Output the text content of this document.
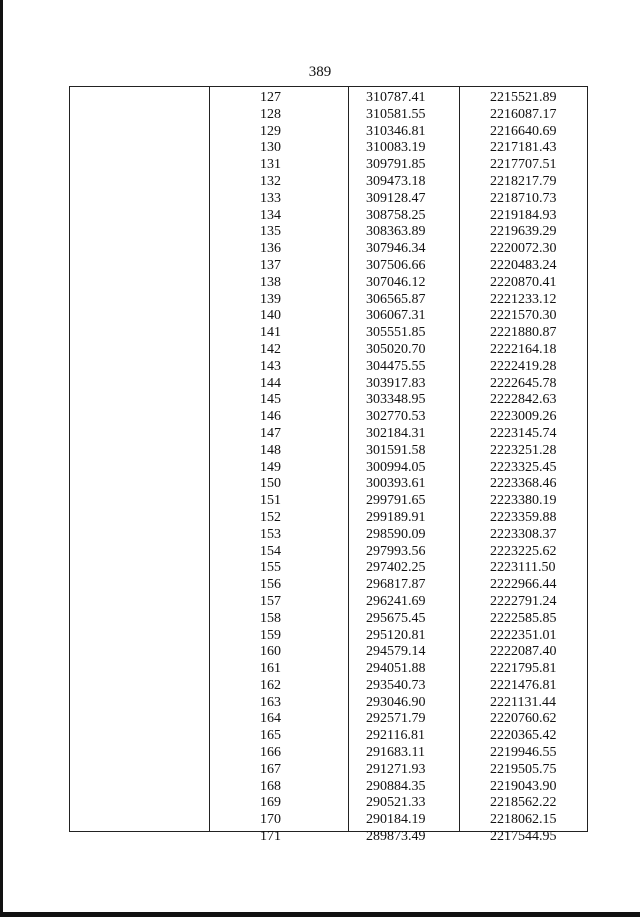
389
127	310787.41	2215521.89
128	310581.55	2216087.17
129	310346.81	2216640.69
130	310083.19	2217181.43
131	309791.85	2217707.51
132	309473.18	2218217.79
133	309128.47	2218710.73
134	308758.25	2219184.93
135	308363.89	2219639.29
136	307946.34	2220072.30
137	307506.66	2220483.24
138	307046.12	2220870.41
139	306565.87	2221233.12
140	306067.31	2221570.30
141	305551.85	2221880.87
142	305020.70	2222164.18
143	304475.55	2222419.28
144	303917.83	2222645.78
145	303348.95	2222842.63
146	302770.53	2223009.26
147	302184.31	2223145.74
148	301591.58	2223251.28
149	300994.05	2223325.45
150	300393.61	2223368.46
151	299791.65	2223380.19
152	299189.91	2223359.88
153	298590.09	2223308.37
154	297993.56	2223225.62
155	297402.25	2223111.50
156	296817.87	2222966.44
157	296241.69	2222791.24
158	295675.45	2222585.85
159	295120.81	2222351.01
160	294579.14	2222087.40
161	294051.88	2221795.81
162	293540.73	2221476.81
163	293046.90	2221131.44
164	292571.79	2220760.62
165	292116.81	2220365.42
166	291683.11	2219946.55
167	291271.93	2219505.75
168	290884.35	2219043.90
169	290521.33	2218562.22
170	290184.19	2218062.15
171	289873.49	2217544.95
